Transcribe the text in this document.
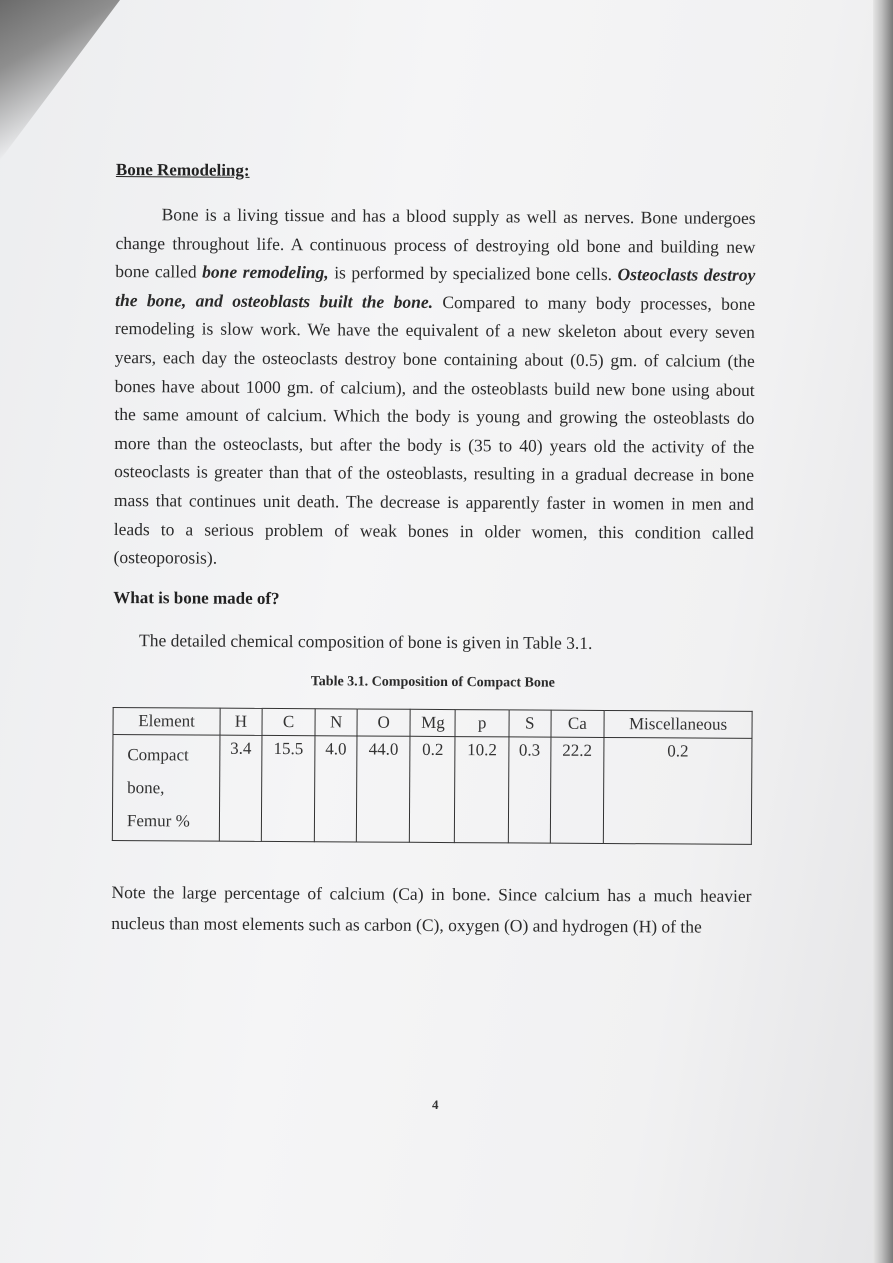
Bone Remodeling:

Bone is a living tissue and has a blood supply as well as nerves. Bone undergoes change throughout life. A continuous process of destroying old bone and building new bone called bone remodeling, is performed by specialized bone cells. Osteoclasts destroy the bone, and osteoblasts built the bone. Compared to many body processes, bone remodeling is slow work. We have the equivalent of a new skeleton about every seven years, each day the osteoclasts destroy bone containing about (0.5) gm. of calcium (the bones have about 1000 gm. of calcium), and the osteoblasts build new bone using about the same amount of calcium. Which the body is young and growing the osteoblasts do more than the osteoclasts, but after the body is (35 to 40) years old the activity of the osteoclasts is greater than that of the osteoblasts, resulting in a gradual decrease in bone mass that continues unit death. The decrease is apparently faster in women in men and leads to a serious problem of weak bones in older women, this condition called (osteoporosis).

What is bone made of?

The detailed chemical composition of bone is given in Table 3.1.

Table 3.1. Composition of Compact Bone

Element	H	C	N	O	Mg	p	S	Ca	Miscellaneous

Compact
bone,
Femur %	3.4	15.5	4.0	44.0	0.2	10.2	0.3	22.2	0.2

Note the large percentage of calcium (Ca) in bone. Since calcium has a much heavier nucleus than most elements such as carbon (C), oxygen (O) and hydrogen (H) of the

4
